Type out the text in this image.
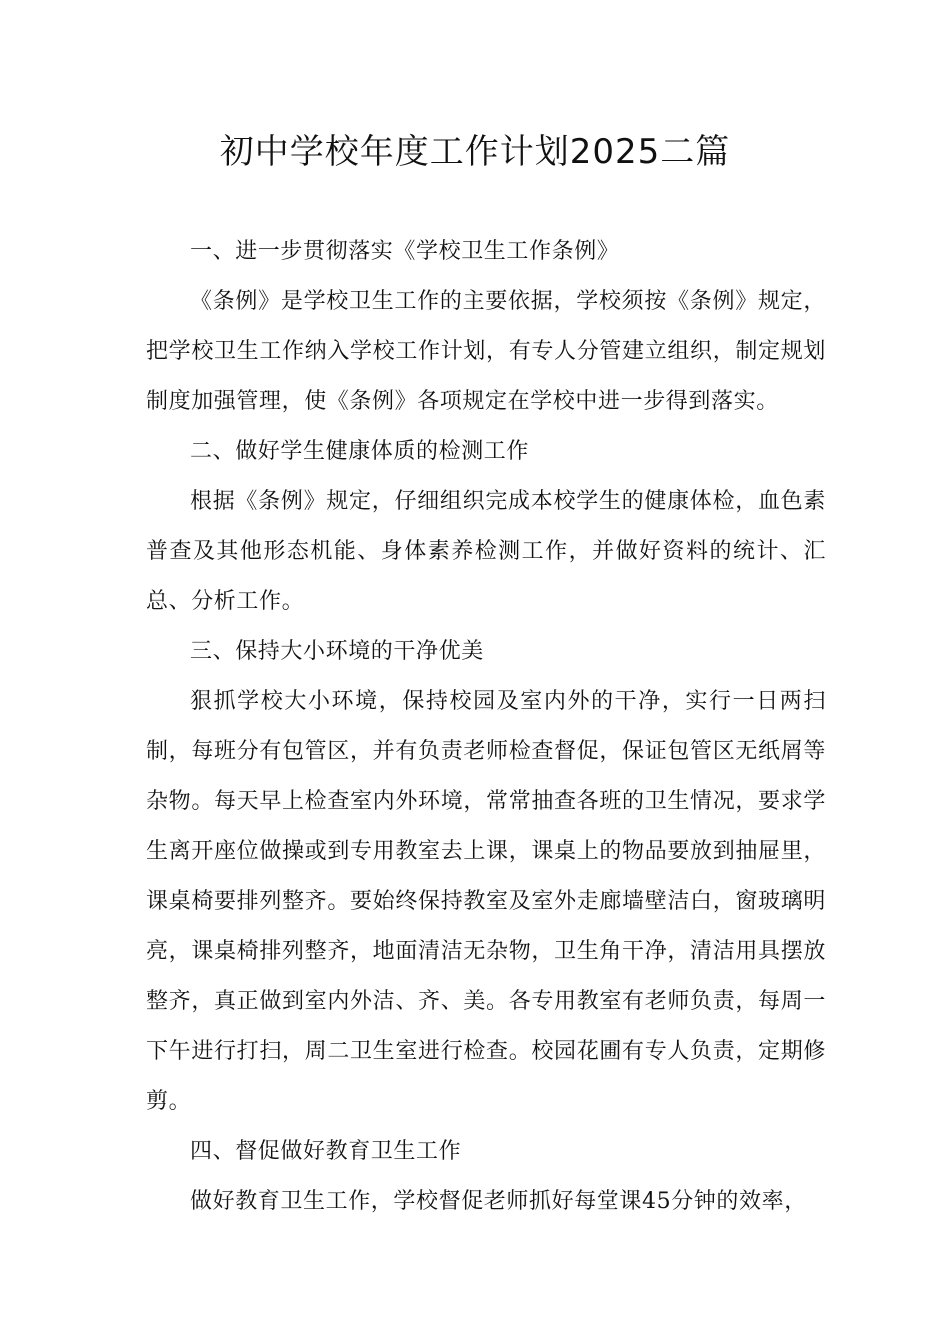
初中学校年度工作计划2025二篇

一、进一步贯彻落实《学校卫生工作条例》

《条例》是学校卫生工作的主要依据，学校须按《条例》规定，把学校卫生工作纳入学校工作计划，有专人分管建立组织，制定规划制度加强管理，使《条例》各项规定在学校中进一步得到落实。

二、做好学生健康体质的检测工作

根据《条例》规定，仔细组织完成本校学生的健康体检，血色素普查及其他形态机能、身体素养检测工作，并做好资料的统计、汇总、分析工作。

三、保持大小环境的干净优美

狠抓学校大小环境，保持校园及室内外的干净，实行一日两扫制，每班分有包管区，并有负责老师检查督促，保证包管区无纸屑等杂物。每天早上检查室内外环境，常常抽查各班的卫生情况，要求学生离开座位做操或到专用教室去上课，课桌上的物品要放到抽屉里，课桌椅要排列整齐。要始终保持教室及室外走廊墙壁洁白，窗玻璃明亮，课桌椅排列整齐，地面清洁无杂物，卫生角干净，清洁用具摆放整齐，真正做到室内外洁、齐、美。各专用教室有老师负责，每周一下午进行打扫，周二卫生室进行检查。校园花圃有专人负责，定期修剪。

四、督促做好教育卫生工作

做好教育卫生工作，学校督促老师抓好每堂课45分钟的效率，
